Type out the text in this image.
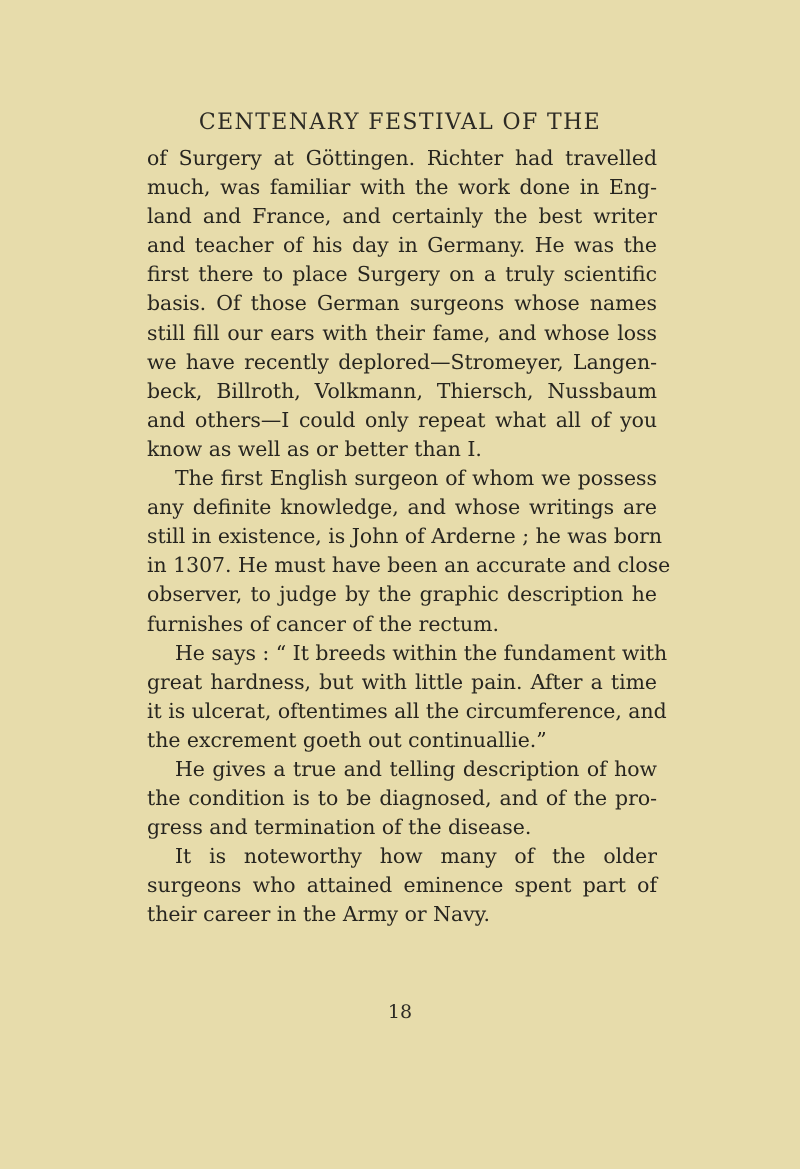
CENTENARY FESTIVAL OF THE
of Surgery at Göttingen. Richter had travelled
much, was familiar with the work done in Eng-
land and France, and certainly the best writer
and teacher of his day in Germany. He was the
first there to place Surgery on a truly scientific
basis. Of those German surgeons whose names
still fill our ears with their fame, and whose loss
we have recently deplored—Stromeyer, Langen-
beck, Billroth, Volkmann, Thiersch, Nussbaum
and others—I could only repeat what all of you
know as well as or better than I.
The first English surgeon of whom we possess
any definite knowledge, and whose writings are
still in existence, is John of Arderne ; he was born
in 1307. He must have been an accurate and close
observer, to judge by the graphic description he
furnishes of cancer of the rectum.
He says : “ It breeds within the fundament with
great hardness, but with little pain. After a time
it is ulcerat, oftentimes all the circumference, and
the excrement goeth out continuallie.”
He gives a true and telling description of how
the condition is to be diagnosed, and of the pro-
gress and termination of the disease.
It is noteworthy how many of the older
surgeons who attained eminence spent part of
their career in the Army or Navy.
18
